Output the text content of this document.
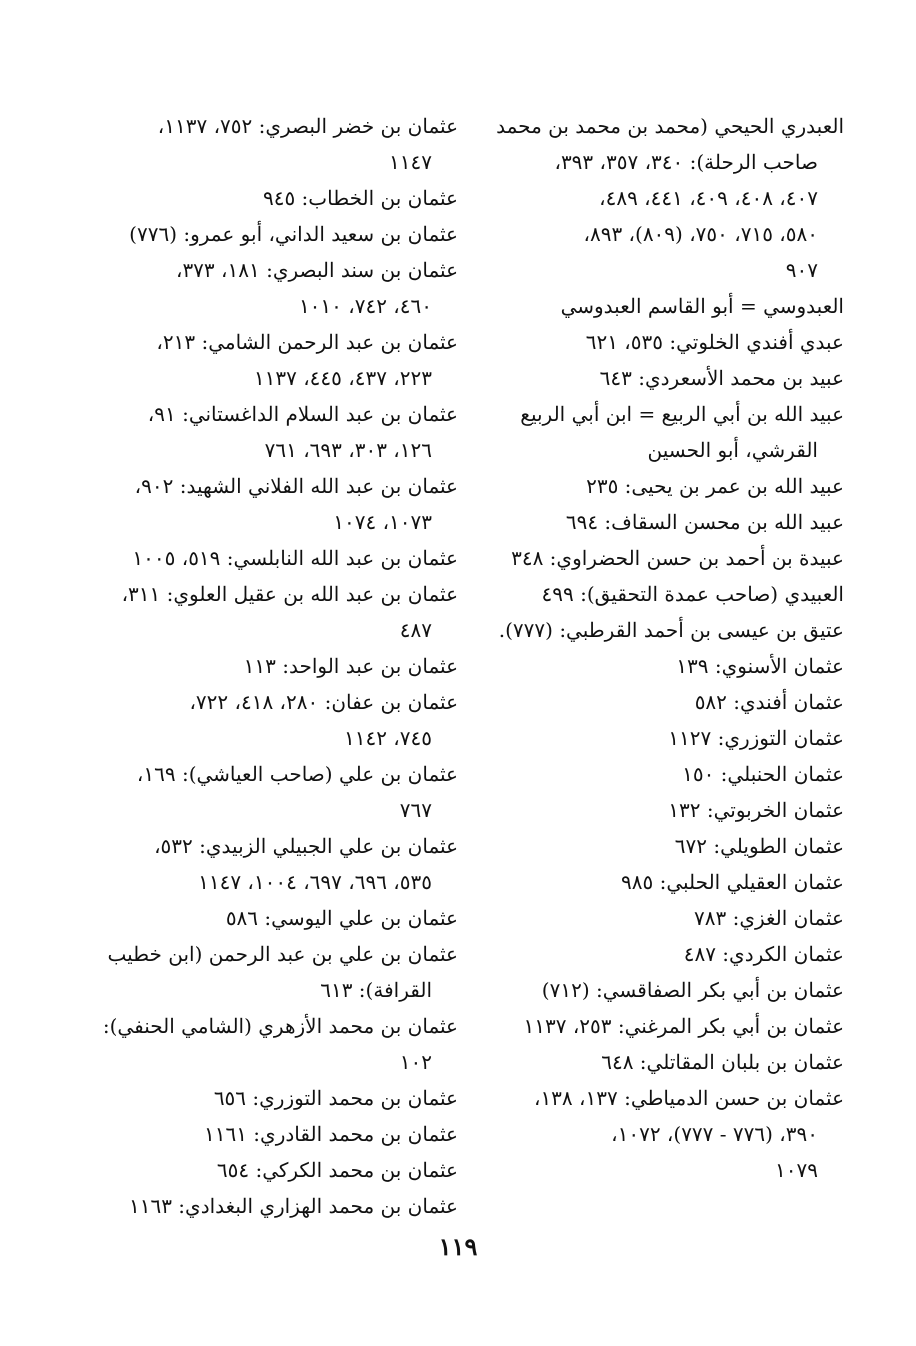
العبدري الحيحي (محمد بن محمد بن محمد
صاحب الرحلة): ٣٤٠، ٣٥٧، ٣٩٣،
٤٠٧، ٤٠٨، ٤٠٩، ٤٤١، ٤٨٩،
٥٨٠، ٧١٥، ٧٥٠، (٨٠٩)، ٨٩٣،
٩٠٧
العبدوسي = أبو القاسم العبدوسي
عبدي أفندي الخلوتي: ٥٣٥، ٦٢١
عبيد بن محمد الأسعردي: ٦٤٣
عبيد الله بن أبي الربيع = ابن أبي الربيع
القرشي، أبو الحسين
عبيد الله بن عمر بن يحيى: ٢٣٥
عبيد الله بن محسن السقاف: ٦٩٤
عبيدة بن أحمد بن حسن الحضراوي: ٣٤٨
العبيدي (صاحب عمدة التحقيق): ٤٩٩
عتيق بن عيسى بن أحمد القرطبي: (٧٧٧).
عثمان الأسنوي: ١٣٩
عثمان أفندي: ٥٨٢
عثمان التوزري: ١١٢٧
عثمان الحنبلي: ١٥٠
عثمان الخربوتي: ١٣٢
عثمان الطويلي: ٦٧٢
عثمان العقيلي الحلبي: ٩٨٥
عثمان الغزي: ٧٨٣
عثمان الكردي: ٤٨٧
عثمان بن أبي بكر الصفاقسي: (٧١٢)
عثمان بن أبي بكر المرغني: ٢٥٣، ١١٣٧
عثمان بن بلبان المقاتلي: ٦٤٨
عثمان بن حسن الدمياطي: ١٣٧، ١٣٨،
٣٩٠، (٧٧٦ - ٧٧٧)، ١٠٧٢،
١٠٧٩
عثمان بن خضر البصري: ٧٥٢، ١١٣٧،
١١٤٧
عثمان بن الخطاب: ٩٤٥
عثمان بن سعيد الداني، أبو عمرو: (٧٧٦)
عثمان بن سند البصري: ١٨١، ٣٧٣،
٤٦٠، ٧٤٢، ١٠١٠
عثمان بن عبد الرحمن الشامي: ٢١٣،
٢٢٣، ٤٣٧، ٤٤٥، ١١٣٧
عثمان بن عبد السلام الداغستاني: ٩١،
١٢٦، ٣٠٣، ٦٩٣، ٧٦١
عثمان بن عبد الله الفلاني الشهيد: ٩٠٢،
١٠٧٣، ١٠٧٤
عثمان بن عبد الله النابلسي: ٥١٩، ١٠٠٥
عثمان بن عبد الله بن عقيل العلوي: ٣١١،
٤٨٧
عثمان بن عبد الواحد: ١١٣
عثمان بن عفان: ٢٨٠، ٤١٨، ٧٢٢،
٧٤٥، ١١٤٢
عثمان بن علي (صاحب العياشي): ١٦٩،
٧٦٧
عثمان بن علي الجبيلي الزبيدي: ٥٣٢،
٥٣٥، ٦٩٦، ٦٩٧، ١٠٠٤، ١١٤٧
عثمان بن علي اليوسي: ٥٨٦
عثمان بن علي بن عبد الرحمن (ابن خطيب
القرافة): ٦١٣
عثمان بن محمد الأزهري (الشامي الحنفي):
١٠٢
عثمان بن محمد التوزري: ٦٥٦
عثمان بن محمد القادري: ١١٦١
عثمان بن محمد الكركي: ٦٥٤
عثمان بن محمد الهزاري البغدادي: ١١٦٣
١١٩
